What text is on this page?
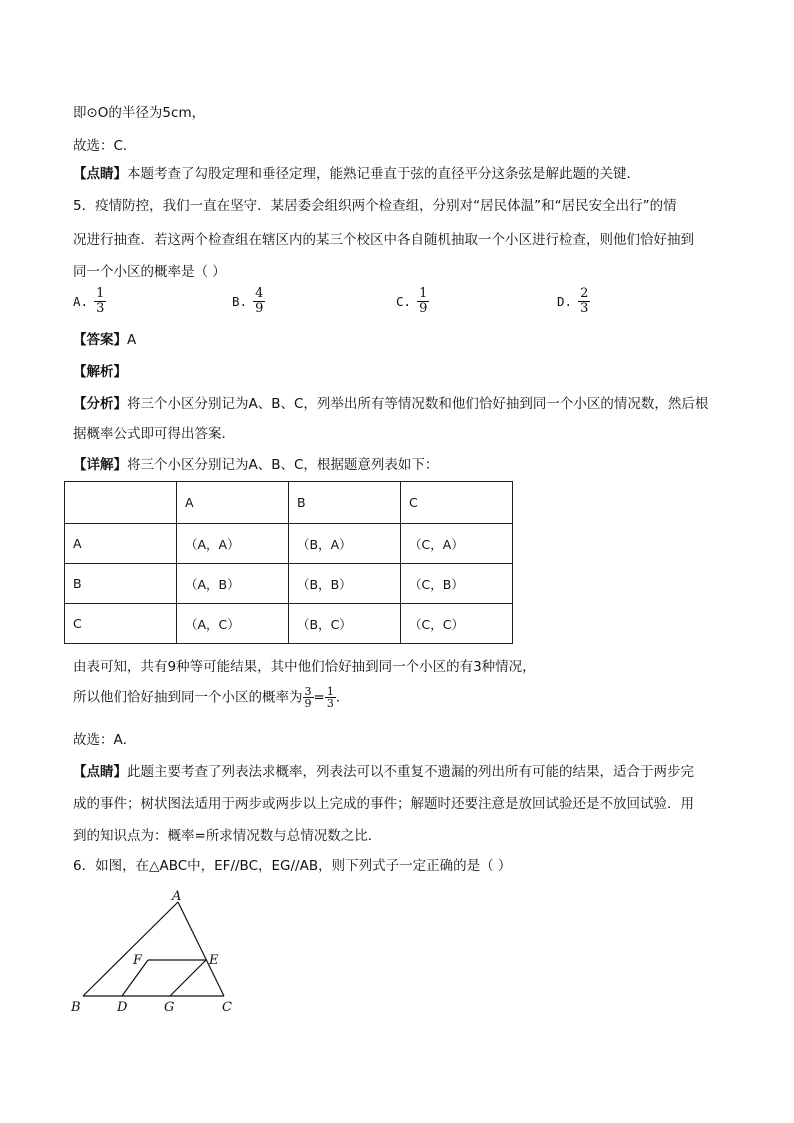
即⊙O的半径为5cm，
故选：C．
【点睛】本题考查了勾股定理和垂径定理，能熟记垂直于弦的直径平分这条弦是解此题的关键．
5．疫情防控，我们一直在坚守．某居委会组织两个检查组，分别对“居民体温”和“居民安全出行”的情
况进行抽查．若这两个检查组在辖区内的某三个校区中各自随机抽取一个小区进行检查，则他们恰好抽到
同一个小区的概率是（ ）
A. $\frac{1}{3}$	B. $\frac{4}{9}$	C. $\frac{1}{9}$	D. $\frac{2}{3}$
【答案】A
【解析】
【分析】将三个小区分别记为A、B、C，列举出所有等情况数和他们恰好抽到同一个小区的情况数，然后根
据概率公式即可得出答案．
【详解】将三个小区分别记为A、B、C，根据题意列表如下：
	A	B	C
A	（A，A）	（B，A）	（C，A）
B	（A，B）	（B，B）	（C，B）
C	（A，C）	（B，C）	（C，C）
由表可知，共有9种等可能结果，其中他们恰好抽到同一个小区的有3种情况，
所以他们恰好抽到同一个小区的概率为 $\frac{3}{9} = \frac{1}{3}$ ．
故选：A．
【点睛】此题主要考查了列表法求概率，列表法可以不重复不遗漏的列出所有可能的结果，适合于两步完
成的事件；树状图法适用于两步或两步以上完成的事件；解题时还要注意是放回试验还是不放回试验．用
到的知识点为：概率=所求情况数与总情况数之比．
6．如图，在△ABC中，EF//BC，EG//AB，则下列式子一定正确的是（ ）
A
F	E
B	D	G	C
